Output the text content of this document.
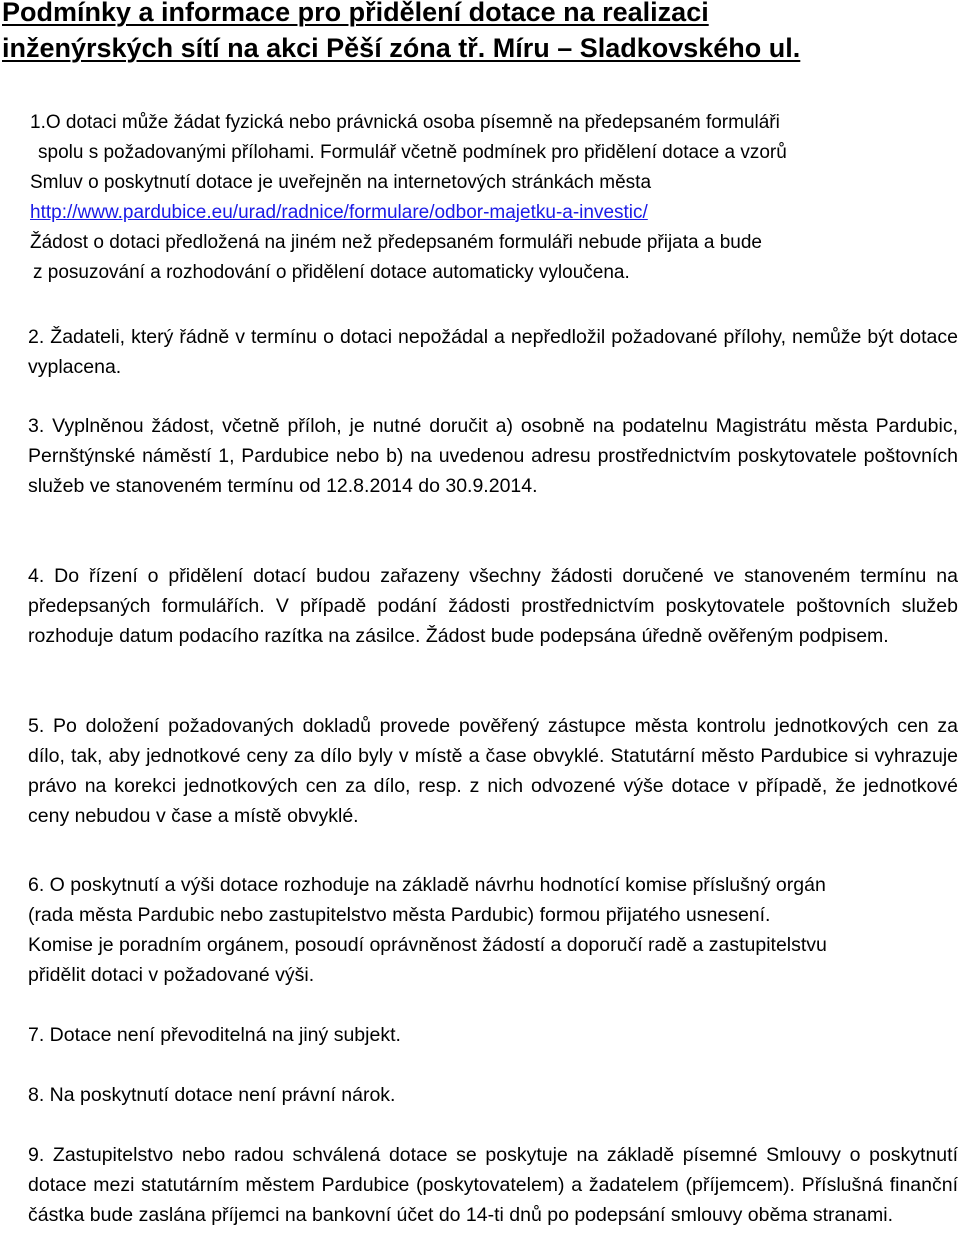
Podmínky a informace pro přidělení dotace na realizaci
inženýrských sítí na akci Pěší zóna tř. Míru – Sladkovského ul.
1.O dotaci může žádat fyzická nebo právnická osoba písemně na předepsaném formuláři
spolu s požadovanými přílohami. Formulář včetně podmínek pro přidělení dotace a vzorů
Smluv o poskytnutí dotace je uveřejněn na internetových stránkách města
http://www.pardubice.eu/urad/radnice/formulare/odbor-majetku-a-investic/
Žádost o dotaci předložená na jiném než předepsaném formuláři nebude přijata a bude
z posuzování a rozhodování o přidělení dotace automaticky vyloučena.

2. Žadateli, který řádně v termínu o dotaci nepožádal a nepředložil požadované přílohy, nemůže být dotace vyplacena.

3. Vyplněnou žádost, včetně příloh, je nutné doručit a) osobně na podatelnu Magistrátu města Pardubic, Pernštýnské náměstí 1, Pardubice nebo b) na uvedenou adresu prostřednictvím poskytovatele poštovních služeb ve stanoveném termínu od 12.8.2014 do 30.9.2014.

4. Do řízení o přidělení dotací budou zařazeny všechny žádosti doručené ve stanoveném termínu na předepsaných formulářích. V případě podání žádosti prostřednictvím poskytovatele poštovních služeb rozhoduje datum podacího razítka na zásilce. Žádost bude podepsána úředně ověřeným podpisem.

5. Po doložení požadovaných dokladů provede pověřený zástupce města kontrolu jednotkových cen za dílo, tak, aby jednotkové ceny za dílo byly v místě a čase obvyklé. Statutární město Pardubice si vyhrazuje právo na korekci jednotkových cen za dílo, resp. z nich odvozené výše dotace v případě, že jednotkové ceny nebudou v čase a místě obvyklé.

6. O poskytnutí a výši dotace rozhoduje na základě návrhu hodnotící komise příslušný orgán
(rada města Pardubic nebo zastupitelstvo města Pardubic) formou přijatého usnesení.
Komise je poradním orgánem, posoudí oprávněnost žádostí a doporučí radě a zastupitelstvu
přidělit dotaci v požadované výši.

7. Dotace není převoditelná na jiný subjekt.

8. Na poskytnutí dotace není právní nárok.

9. Zastupitelstvo nebo radou schválená dotace se poskytuje na základě písemné Smlouvy o poskytnutí dotace mezi statutárním městem Pardubice (poskytovatelem) a žadatelem (příjemcem). Příslušná finanční částka bude zaslána příjemci na bankovní účet do 14-ti dnů po podepsání smlouvy oběma stranami.
